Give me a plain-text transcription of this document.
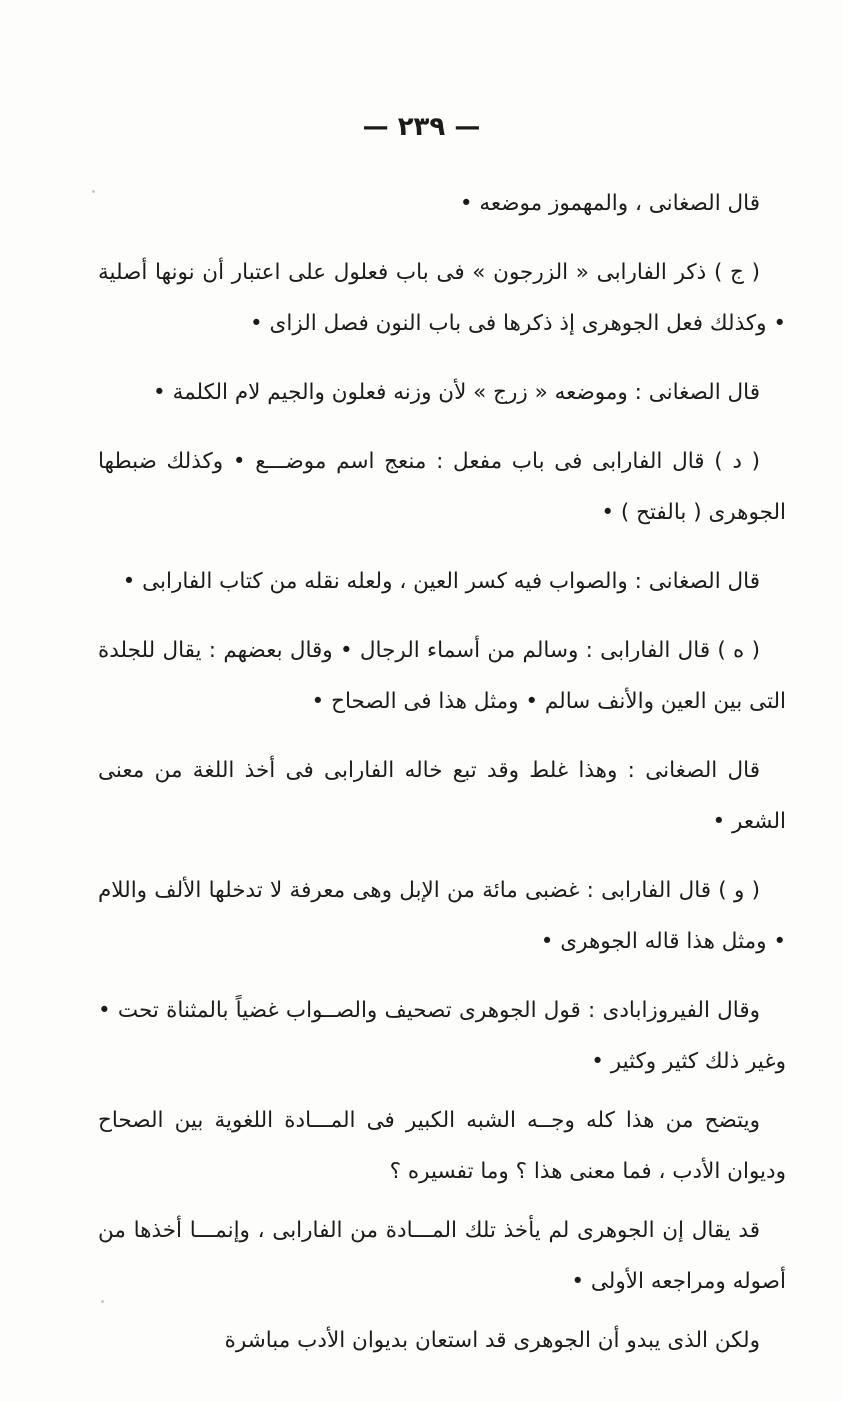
— ٢٣٩ —

قال الصغانى ، والمهموز موضعه •

( ج ) ذكر الفارابى « الزرجون » فى باب فعلول على اعتبار أن نونها أصلية • وكذلك فعل الجوهرى إذ ذكرها فى باب النون فصل الزاى •

قال الصغانى : وموضعه « زرج » لأن وزنه فعلون والجيم لام الكلمة •

( د ) قال الفارابى فى باب مفعل : منعج اسم موضـــع • وكذلك ضبطها الجوهرى ( بالفتح ) •

قال الصغانى : والصواب فيه كسر العين ، ولعله نقله من كتاب الفارابى •

( ه ) قال الفارابى : وسالم من أسماء الرجال • وقال بعضهم : يقال للجلدة التى بين العين والأنف سالم • ومثل هذا فى الصحاح •

قال الصغانى : وهذا غلط وقد تبع خاله الفارابى فى أخذ اللغة من معنى الشعر •

( و ) قال الفارابى : غضبى مائة من الإبل وهى معرفة لا تدخلها الألف واللام • ومثل هذا قاله الجوهرى •

وقال الفيروزابادى : قول الجوهرى تصحيف والصــواب غضياً بالمثناة تحت • وغير ذلك كثير وكثير •

ويتضح من هذا كله وجــه الشبه الكبير فى المـــادة اللغوية بين الصحاح وديوان الأدب ، فما معنى هذا ؟ وما تفسيره ؟

قد يقال إن الجوهرى لم يأخذ تلك المـــادة من الفارابى ، وإنمـــا أخذها من أصوله ومراجعه الأولى •

ولكن الذى يبدو أن الجوهرى قد استعان بديوان الأدب مباشرة
